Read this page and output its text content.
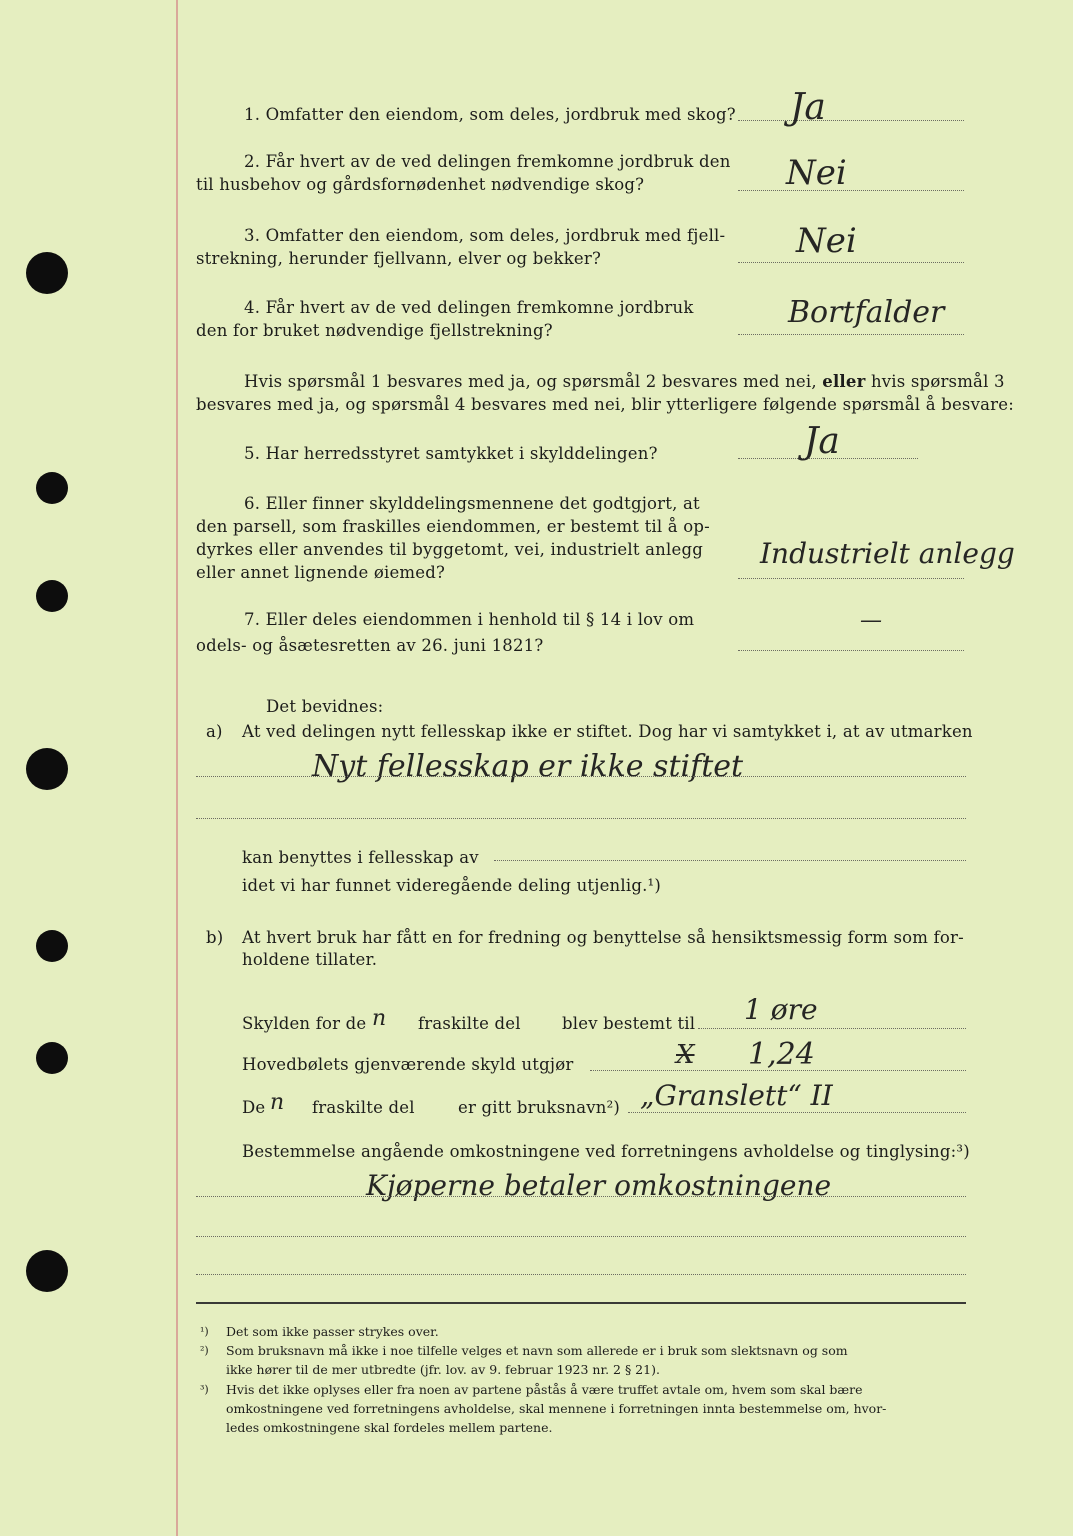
1. Omfatter den eiendom, som deles, jordbruk med skog? Ja
2. Får hvert av de ved delingen fremkomne jordbruk den
til husbehov og gårdsfornødenhet nødvendige skog?	Nei
3. Omfatter den eiendom, som deles, jordbruk med fjell-
strekning, herunder fjellvann, elver og bekker?	Nei
4. Får hvert av de ved delingen fremkomne jordbruk
den for bruket nødvendige fjellstrekning?
Bortfalder
Hvis spørsmål 1 besvares med ja, og spørsmål 2 besvares med nei, eller hvis spørsmål 3
besvares med ja, og spørsmål 4 besvares med nei, blir ytterligere følgende spørsmål å besvare:
5. Har herredsstyret samtykket i skylddelingen?	Ja
6. Eller finner skylddelingsmennene det godtgjort, at
den parsell, som fraskilles eiendommen, er bestemt til å op-
dyrkes eller anvendes til byggetomt, vei, industrielt anlegg
eller annet lignende øiemed?
Industrielt anlegg
7. Eller deles eiendommen i henhold til § 14 i lov om
odels- og åsætesretten av 26. juni 1821?
—
Det bevidnes:
a) At ved delingen nytt fellesskap ikke er stiftet. Dog har vi samtykket i, at av utmarken
Nyt fellesskap er ikke stiftet
kan benyttes i fellesskap av
idet vi har funnet videregående deling utjenlig.¹)
b) At hvert bruk har fått en for fredning og benyttelse så hensiktsmessig form som for-
holdene tillater.
Skylden for de n fraskilte del	blev bestemt til 1 øre
Hovedbølets gjenværende skyld utgjør	X 1,24
De n fraskilte del	er gitt bruksnavn²) „Granslett“ II
Bestemmelse angående omkostningene ved forretningens avholdelse og tinglysing:³)
Kjøperne betaler omkostningene
¹) Det som ikke passer strykes over.
²) Som bruksnavn må ikke i noe tilfelle velges et navn som allerede er i bruk som slektsnavn og som
ikke hører til de mer utbredte (jfr. lov. av 9. februar 1923 nr. 2 § 21).
³) Hvis det ikke oplyses eller fra noen av partene påstås å være truffet avtale om, hvem som skal bære
omkostningene ved forretningens avholdelse, skal mennene i forretningen innta bestemmelse om, hvor-
ledes omkostningene skal fordeles mellem partene.
